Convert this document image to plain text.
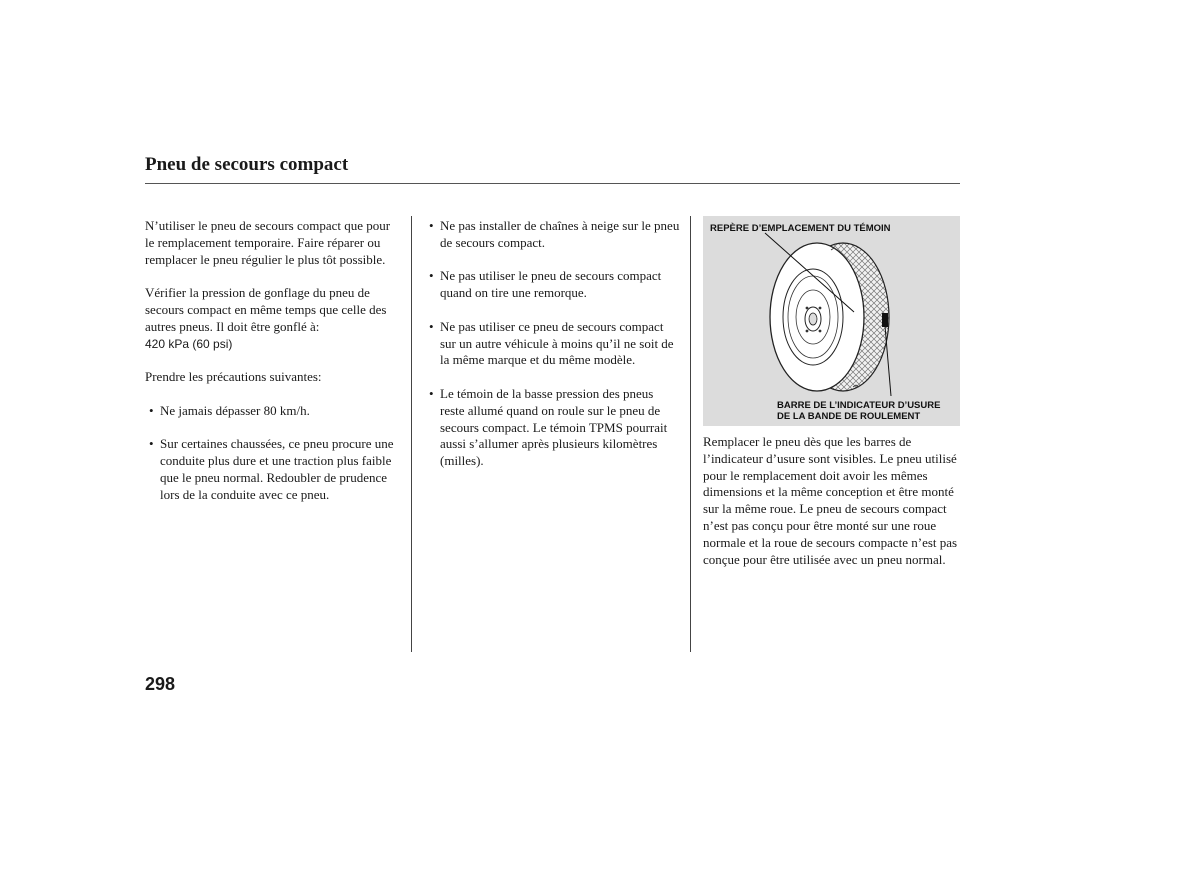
Pneu de secours compact

N’utiliser le pneu de secours compact que pour le remplacement temporaire. Faire réparer ou remplacer le pneu régulier le plus tôt possible.

Vérifier la pression de gonflage du pneu de secours compact en même temps que celle des autres pneus. Il doit être gonflé à:
420 kPa (60 psi)

Prendre les précautions suivantes:

• Ne jamais dépasser 80 km/h.
• Sur certaines chaussées, ce pneu procure une conduite plus dure et une traction plus faible que le pneu normal. Redoubler de prudence lors de la conduite avec ce pneu.
• Ne pas installer de chaînes à neige sur le pneu de secours compact.
• Ne pas utiliser le pneu de secours compact quand on tire une remorque.
• Ne pas utiliser ce pneu de secours compact sur un autre véhicule à moins qu’il ne soit de la même marque et du même modèle.
• Le témoin de la basse pression des pneus reste allumé quand on roule sur le pneu de secours compact. Le témoin TPMS pourrait aussi s’allumer après plusieurs kilomètres (milles).
REPÈRE D’EMPLACEMENT DU TÉMOIN
BARRE DE L’INDICATEUR D’USURE
DE LA BANDE DE ROULEMENT

Remplacer le pneu dès que les barres de l’indicateur d’usure sont visibles. Le pneu utilisé pour le remplacement doit avoir les mêmes dimensions et la même conception et être monté sur la même roue. Le pneu de secours compact n’est pas conçu pour être monté sur une roue normale et la roue de secours compacte n’est pas conçue pour être utilisée avec un pneu normal.

298
